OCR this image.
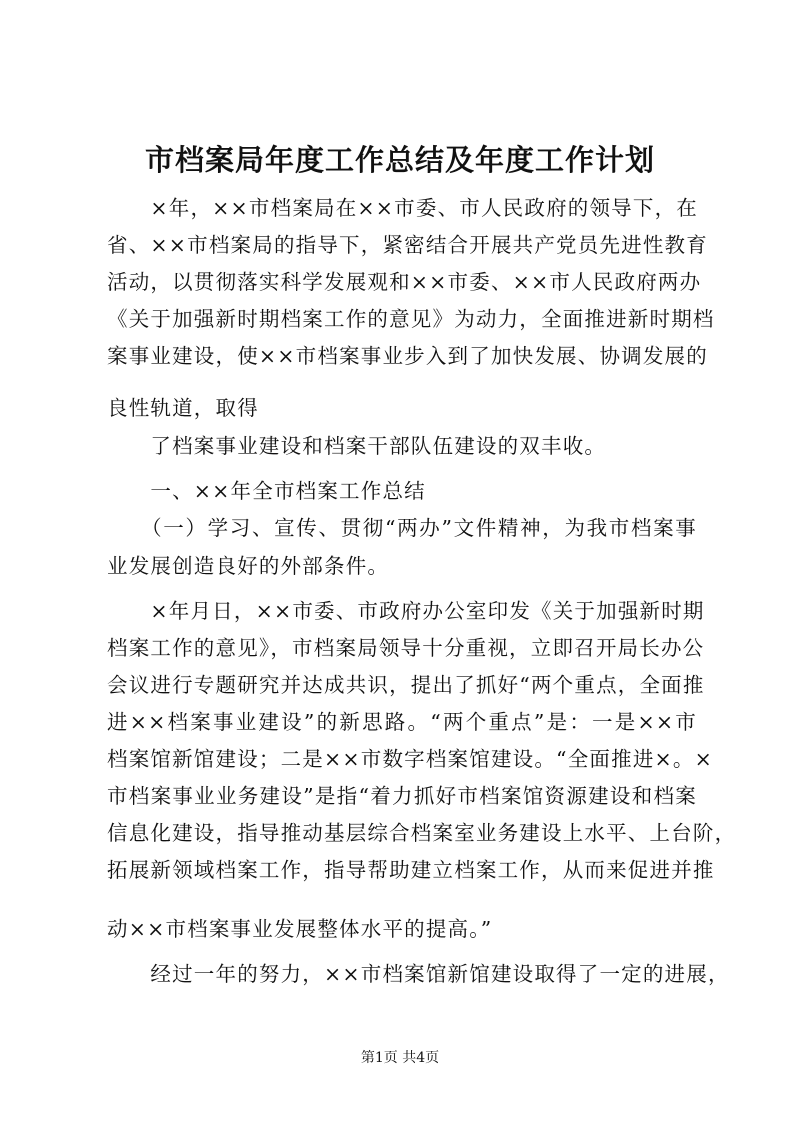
市档案局年度工作总结及年度工作计划
　　×年，××市档案局在××市委、市人民政府的领导下，在
省、××市档案局的指导下，紧密结合开展共产党员先进性教育
活动，以贯彻落实科学发展观和××市委、××市人民政府两办
《关于加强新时期档案工作的意见》为动力，全面推进新时期档
案事业建设，使××市档案事业步入到了加快发展、协调发展的
良性轨道，取得
　　了档案事业建设和档案干部队伍建设的双丰收。
　　一、××年全市档案工作总结
　　（一）学习、宣传、贯彻“两办”文件精神，为我市档案事
业发展创造良好的外部条件。
　　×年月日，××市委、市政府办公室印发《关于加强新时期
档案工作的意见》，市档案局领导十分重视，立即召开局长办公
会议进行专题研究并达成共识，提出了抓好“两个重点，全面推
进××档案事业建设”的新思路。“两个重点”是：一是××市
档案馆新馆建设；二是××市数字档案馆建设。“全面推进×。×
市档案事业业务建设”是指“着力抓好市档案馆资源建设和档案
信息化建设，指导推动基层综合档案室业务建设上水平、上台阶，
拓展新领域档案工作，指导帮助建立档案工作，从而来促进并推
动××市档案事业发展整体水平的提高。”
　　经过一年的努力，××市档案馆新馆建设取得了一定的进展，
第1页 共4页
